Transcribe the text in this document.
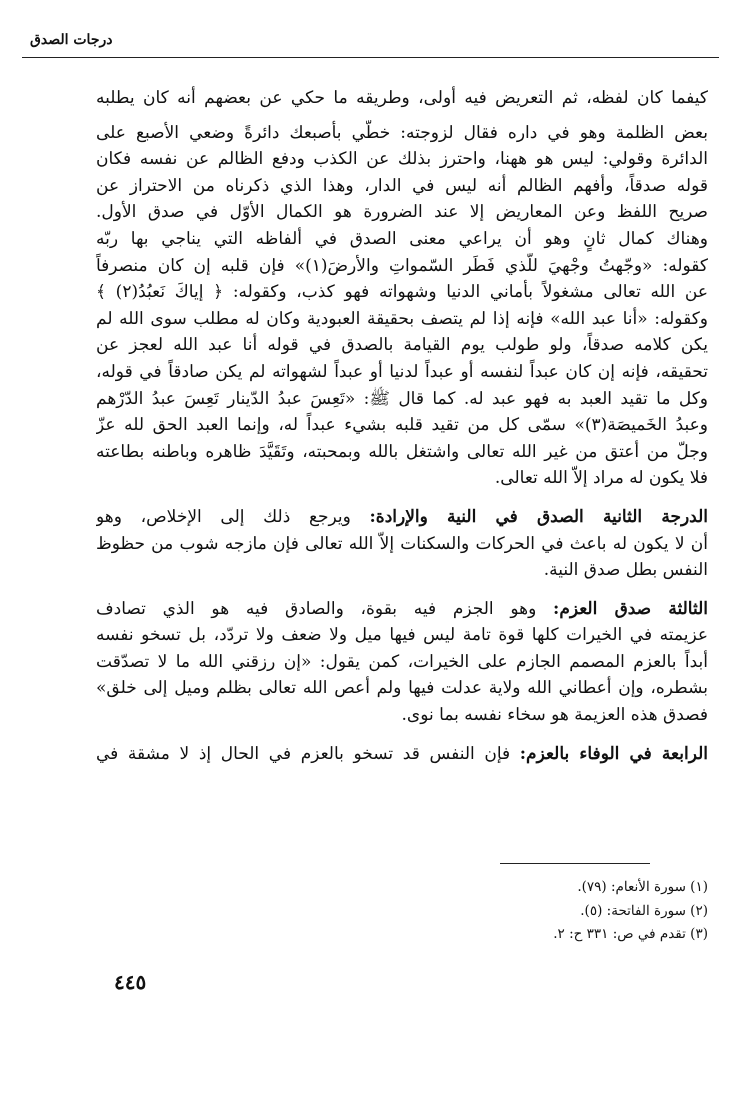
درجات الصدق
كيفما كان لفظه، ثم التعريض فيه أولى، وطريقه ما حكي عن بعضهم أنه كان يطلبه
بعض الظلمة وهو في داره فقال لزوجته: خطّي بأصبعك دائرةً وضعي الأصبع على
الدائرة وقولي: ليس هو ههنا، واحترز بذلك عن الكذب ودفع الظالم عن نفسه فكان
قوله صدقاً، وأفهم الظالم أنه ليس في الدار، وهذا الذي ذكرناه من الاحتراز عن
صريح اللفظ وعن المعاريض إلا عند الضرورة هو الكمال الأوّل في صدق الأول.
وهناك كمال ثانٍ وهو أن يراعي معنى الصدق في ألفاظه التي يناجي بها ربّه
كقوله: «وجّهتُ وجْهيَ للّذي فَطَر السّمواتِ والأرضَ(١)» فإن قلبه إن كان منصرفاً
عن الله تعالى مشغولاً بأماني الدنيا وشهواته فهو كذب، وكقوله: ﴿ إياكَ نَعبُدُ(٢) ﴾
وكقوله: «أنا عبد الله» فإنه إذا لم يتصف بحقيقة العبودية وكان له مطلب سوى الله لم
يكن كلامه صدقاً، ولو طولب يوم القيامة بالصدق في قوله أنا عبد الله لعجز عن
تحقيقه، فإنه إن كان عبداً لنفسه أو عبداً لدنيا أو عبداً لشهواته لم يكن صادقاً في قوله،
وكل ما تقيد العبد به فهو عبد له. كما قال ﷺ: «تَعِسَ عبدُ الدّينار تَعِسَ عبدُ الدّرْهم
وعبدُ الخَميصَة(٣)» سمّى كل من تقيد قلبه بشيء عبداً له، وإنما العبد الحق لله عزّ
وجلّ من أعتق من غير الله تعالى واشتغل بالله وبمحبته، وتَقَيَّدَ ظاهره وباطنه بطاعته
فلا يكون له مراد إلاّ الله تعالى.
الدرجة الثانية الصدق في النية والإرادة: ويرجع ذلك إلى الإخلاص، وهو
أن لا يكون له باعث في الحركات والسكنات إلاّ الله تعالى فإن مازجه شوب من حظوظ
النفس بطل صدق النية.
الثالثة صدق العزم: وهو الجزم فيه بقوة، والصادق فيه هو الذي تصادف
عزيمته في الخيرات كلها قوة تامة ليس فيها ميل ولا ضعف ولا تردّد، بل تسخو نفسه
أبداً بالعزم المصمم الجازم على الخيرات، كمن يقول: «إن رزقني الله ما لا تصدّقت
بشطره، وإن أعطاني الله ولاية عدلت فيها ولم أعص الله تعالى بظلم وميل إلى خلق»
فصدق هذه العزيمة هو سخاء نفسه بما نوى.
الرابعة في الوفاء بالعزم: فإن النفس قد تسخو بالعزم في الحال إذ لا مشقة في
(١) سورة الأنعام: (٧٩).
(٢) سورة الفاتحة: (٥).
(٣) تقدم في ص: ٣٣١ ح: ٢.
٤٤٥
